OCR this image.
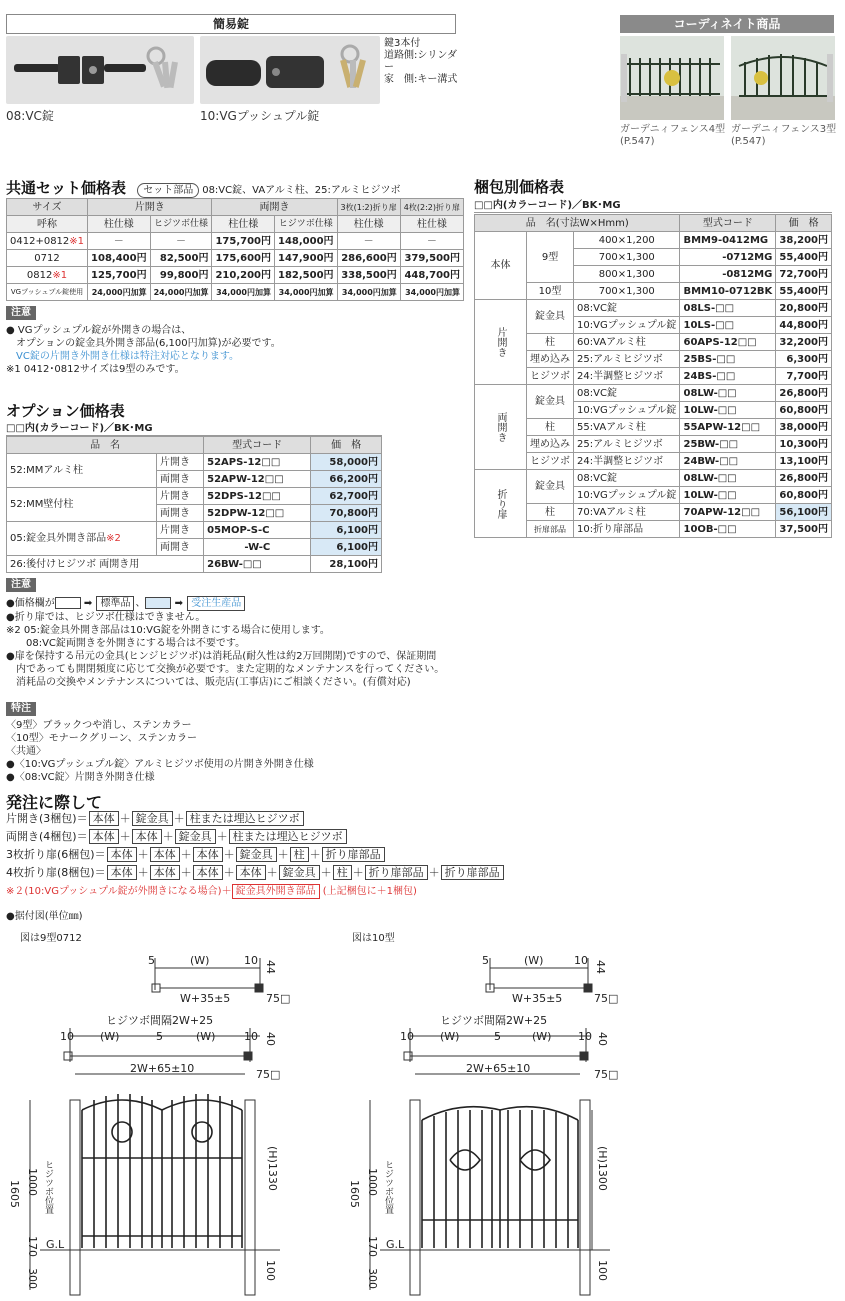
簡易錠
鍵3本付
道路側:シリンダー
家　側:キー溝式
08:VC錠	10:VGプッシュプル錠
コーディネイト商品
ガーデニィフェンス4型
(P.547)
ガーデニィフェンス3型
(P.547)
共通セット価格表 セット部品 08:VC錠、VAアルミ柱、25:アルミヒジツボ
サイズ	片開き		両開き		3枚(1:2)折り扉	4枚(2:2)折り扉
呼称	柱仕様	ヒジツボ仕様	柱仕様	ヒジツボ仕様	柱仕様	柱仕様
0412+0812※1	－	－	175,700円	148,000円	－	－
0712	108,400円	82,500円	175,600円	147,900円	286,600円	379,500円
0812※1	125,700円	99,800円	210,200円	182,500円	338,500円	448,700円
VGプッシュプル錠使用	24,000円加算	24,000円加算	34,000円加算	34,000円加算	34,000円加算	34,000円加算
注意
● VGプッシュプル錠が外開きの場合は、
　オプションの錠金具外開き部品(6,100円加算)が必要です。
　VC錠の片開き外開き仕様は特注対応となります。
※1 0412･0812サイズは9型のみです。
オプション価格表
□□内(カラーコード)／BK･MG
品　名		型式コード	価　格
52:MMアルミ柱	片開き	52APS-12□□	58,000円
	両開き	52APW-12□□	66,200円
52:MM壁付柱	片開き	52DPS-12□□	62,700円
	両開き	52DPW-12□□	70,800円
05:錠金具外開き部品※2	片開き	05MOP-S-C	6,100円
	両開き	-W-C	6,100円
26:後付けヒジツボ 両開き用		26BW-□□	28,100円
注意
●価格欄が	➡ 標準品 、	➡ 受注生産品
●折り扉では、ヒジツボ仕様はできません。
※2 05:錠金具外開き部品は10:VG錠を外開きにする場合に使用します。
　　08:VC錠両開きを外開きにする場合は不要です。
●扉を保持する吊元の金具(ヒンジヒジツボ)は消耗品(耐久性は約2万回開閉)ですので、保証期間
　内であっても開閉頻度に応じて交換が必要です。また定期的なメンテナンスを行ってください。
　消耗品の交換やメンテナンスについては、販売店(工事店)にご相談ください。(有償対応)
特注
〈9型〉ブラックつや消し、ステンカラー
〈10型〉モナークグリーン、ステンカラー
〈共通〉
●〈10:VGプッシュプル錠〉アルミヒジツボ使用の片開き外開き仕様
●〈08:VC錠〉片開き外開き仕様
発注に際して
片開き(3梱包)＝ 本体 ＋ 錠金具 ＋ 柱または埋込ヒジツボ
両開き(4梱包)＝ 本体 ＋ 本体 ＋ 錠金具 ＋ 柱または埋込ヒジツボ
3枚折り扉(6梱包)＝ 本体 ＋ 本体 ＋ 本体 ＋ 錠金具 ＋ 柱 ＋ 折り扉部品
4枚折り扉(8梱包)＝ 本体 ＋ 本体 ＋ 本体 ＋ 本体 ＋ 錠金具 ＋ 柱 ＋ 折り扉部品 ＋ 折り扉部品
※２(10:VGプッシュプル錠が外開きになる場合)＋ 錠金具外開き部品 (上記梱包に＋1梱包)
●据付図(単位㎜)
図は9型0712	図は10型
5	(W)	10 44
W+35±5	75□
ヒジツボ間隔2W+25
10 (W)	5	(W)	10 40
2W+65±10	75□
1605 1000 ヒジツボ位置
170
300
G.L
(H)1330
100
5	(W)	10 44
W+35±5	75□
ヒジツボ間隔2W+25
10 (W)	5	(W) 10 40
2W+65±10	75□
1605 1000 ヒジツボ位置
170
300
G.L
(H)1300
100
梱包別価格表
□□内(カラーコード)／BK･MG
品　名(寸法W×Hmm)			型式コード	価　格
本体	9型	400×1,200	BMM9-0412MG	38,200円
		700×1,300	-0712MG	55,400円
		800×1,300	-0812MG	72,700円
	10型	700×1,300	BMM10-0712BK	55,400円
片開き	錠金具	08:VC錠	08LS-□□	20,800円
		10:VGプッシュプル錠	10LS-□□	44,800円
	柱	60:VAアルミ柱	60APS-12□□	32,200円
	埋め込み	25:アルミヒジツボ	25BS-□□	6,300円
	ヒジツボ	24:半調整ヒジツボ	24BS-□□	7,700円
両開き	錠金具	08:VC錠	08LW-□□	26,800円
		10:VGプッシュプル錠	10LW-□□	60,800円
	柱	55:VAアルミ柱	55APW-12□□	38,000円
	埋め込み	25:アルミヒジツボ	25BW-□□	10,300円
	ヒジツボ	24:半調整ヒジツボ	24BW-□□	13,100円
折り扉	錠金具	08:VC錠	08LW-□□	26,800円
		10:VGプッシュプル錠	10LW-□□	60,800円
	柱	70:VAアルミ柱	70APW-12□□	56,100円
	折扉部品	10:折り扉部品	10OB-□□	37,500円
